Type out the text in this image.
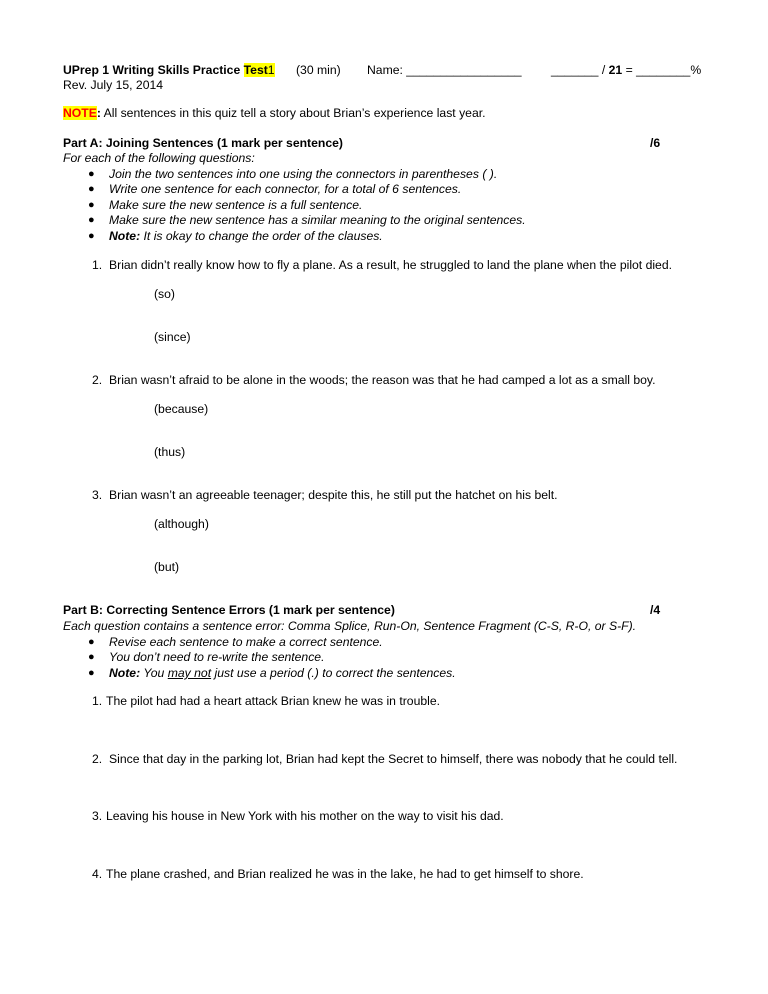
UPrep 1 Writing Skills Practice Test1 (30 min) Name: _________________ _______ / 21 = ________%
Rev. July 15, 2014
NOTE: All sentences in this quiz tell a story about Brian’s experience last year.
Part A: Joining Sentences (1 mark per sentence)	/6
For each of the following questions:
● Join the two sentences into one using the connectors in parentheses ( ).
● Write one sentence for each connector, for a total of 6 sentences.
● Make sure the new sentence is a full sentence.
● Make sure the new sentence has a similar meaning to the original sentences.
● Note: It is okay to change the order of the clauses.
1. Brian didn’t really know how to fly a plane. As a result, he struggled to land the plane when the pilot died.
(so)
(since)
2. Brian wasn’t afraid to be alone in the woods; the reason was that he had camped a lot as a small boy.
(because)
(thus)
3. Brian wasn’t an agreeable teenager; despite this, he still put the hatchet on his belt.
(although)
(but)
Part B: Correcting Sentence Errors (1 mark per sentence)	/4
Each question contains a sentence error: Comma Splice, Run-On, Sentence Fragment (C-S, R-O, or S-F).
● Revise each sentence to make a correct sentence.
● You don’t need to re-write the sentence.
● Note: You may not just use a period (.) to correct the sentences.
1. The pilot had had a heart attack Brian knew he was in trouble.
2. Since that day in the parking lot, Brian had kept the Secret to himself, there was nobody that he could tell.
3. Leaving his house in New York with his mother on the way to visit his dad.
4. The plane crashed, and Brian realized he was in the lake, he had to get himself to shore.
